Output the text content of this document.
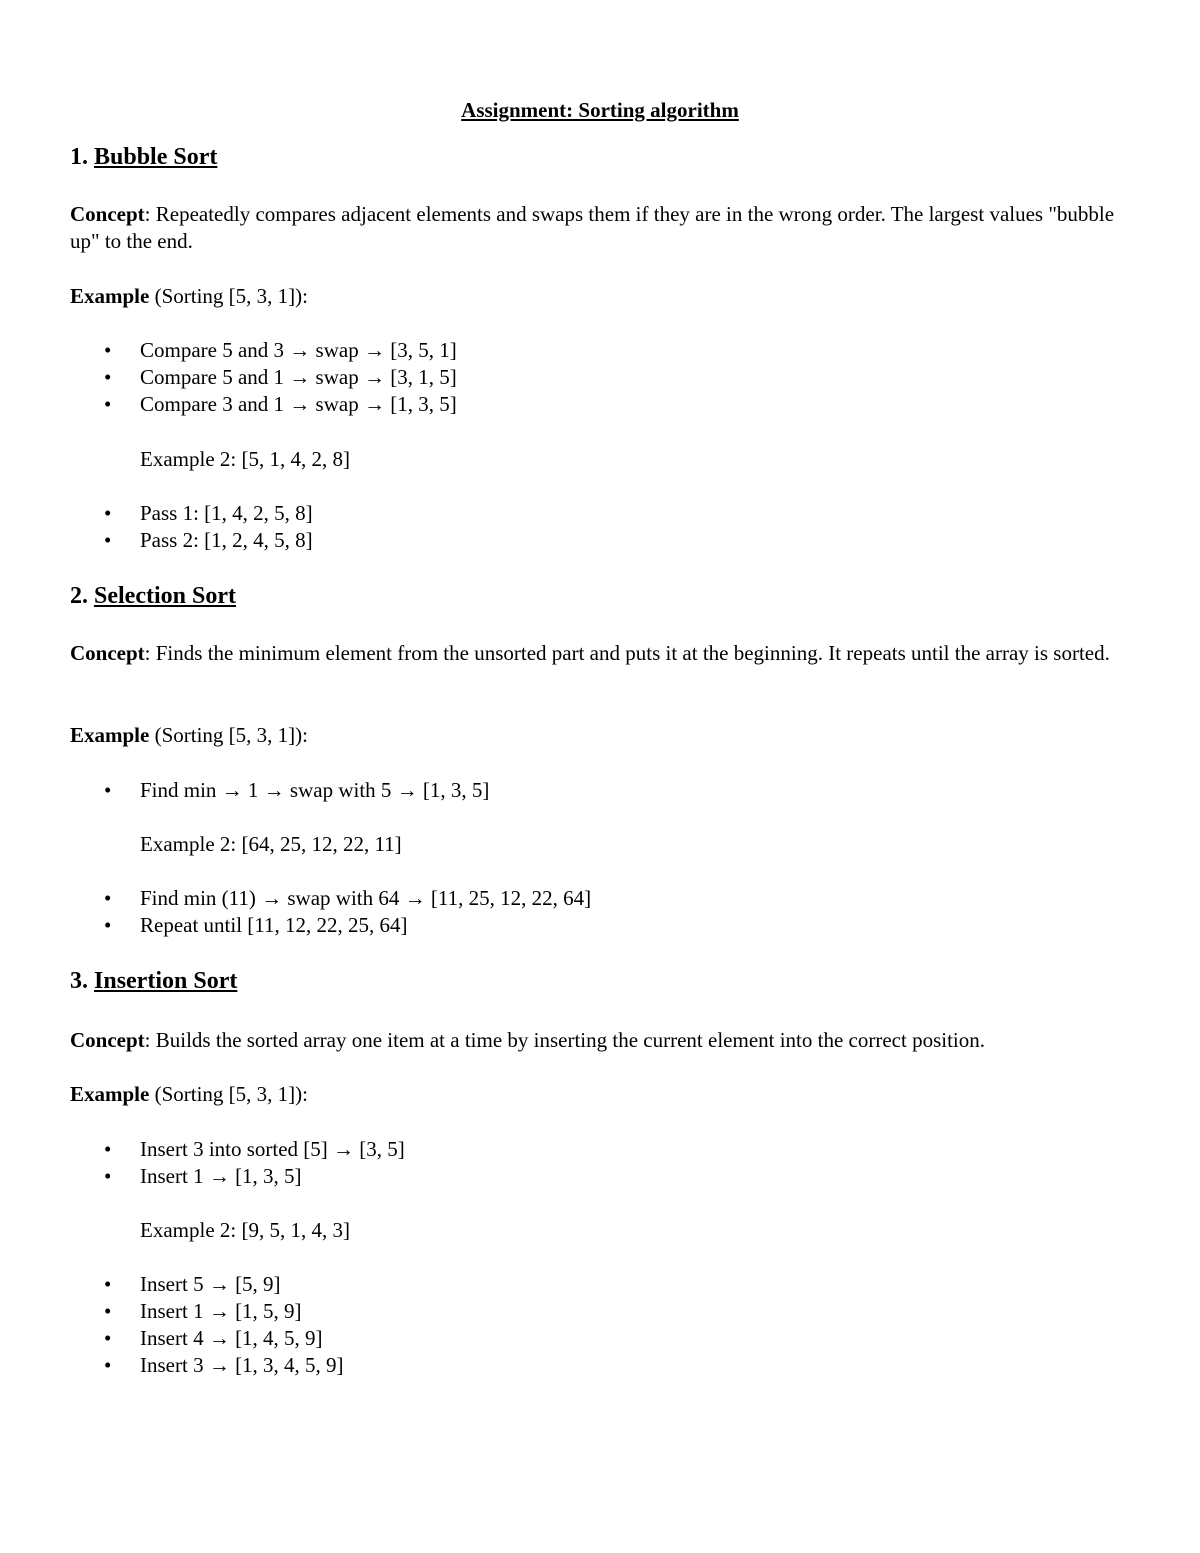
Assignment: Sorting algorithm
1. Bubble Sort
Concept: Repeatedly compares adjacent elements and swaps them if they are in the wrong order. The largest values "bubble up" to the end.
Example (Sorting [5, 3, 1]):
• Compare 5 and 3 → swap → [3, 5, 1]
• Compare 5 and 1 → swap → [3, 1, 5]
• Compare 3 and 1 → swap → [1, 3, 5]
Example 2: [5, 1, 4, 2, 8]
• Pass 1: [1, 4, 2, 5, 8]
• Pass 2: [1, 2, 4, 5, 8]
2. Selection Sort
Concept: Finds the minimum element from the unsorted part and puts it at the beginning. It repeats until the array is sorted.
Example (Sorting [5, 3, 1]):
• Find min → 1 → swap with 5 → [1, 3, 5]
Example 2: [64, 25, 12, 22, 11]
• Find min (11) → swap with 64 → [11, 25, 12, 22, 64]
• Repeat until [11, 12, 22, 25, 64]
3. Insertion Sort
Concept: Builds the sorted array one item at a time by inserting the current element into the correct position.
Example (Sorting [5, 3, 1]):
• Insert 3 into sorted [5] → [3, 5]
• Insert 1 → [1, 3, 5]
Example 2: [9, 5, 1, 4, 3]
• Insert 5 → [5, 9]
• Insert 1 → [1, 5, 9]
• Insert 4 → [1, 4, 5, 9]
• Insert 3 → [1, 3, 4, 5, 9]
